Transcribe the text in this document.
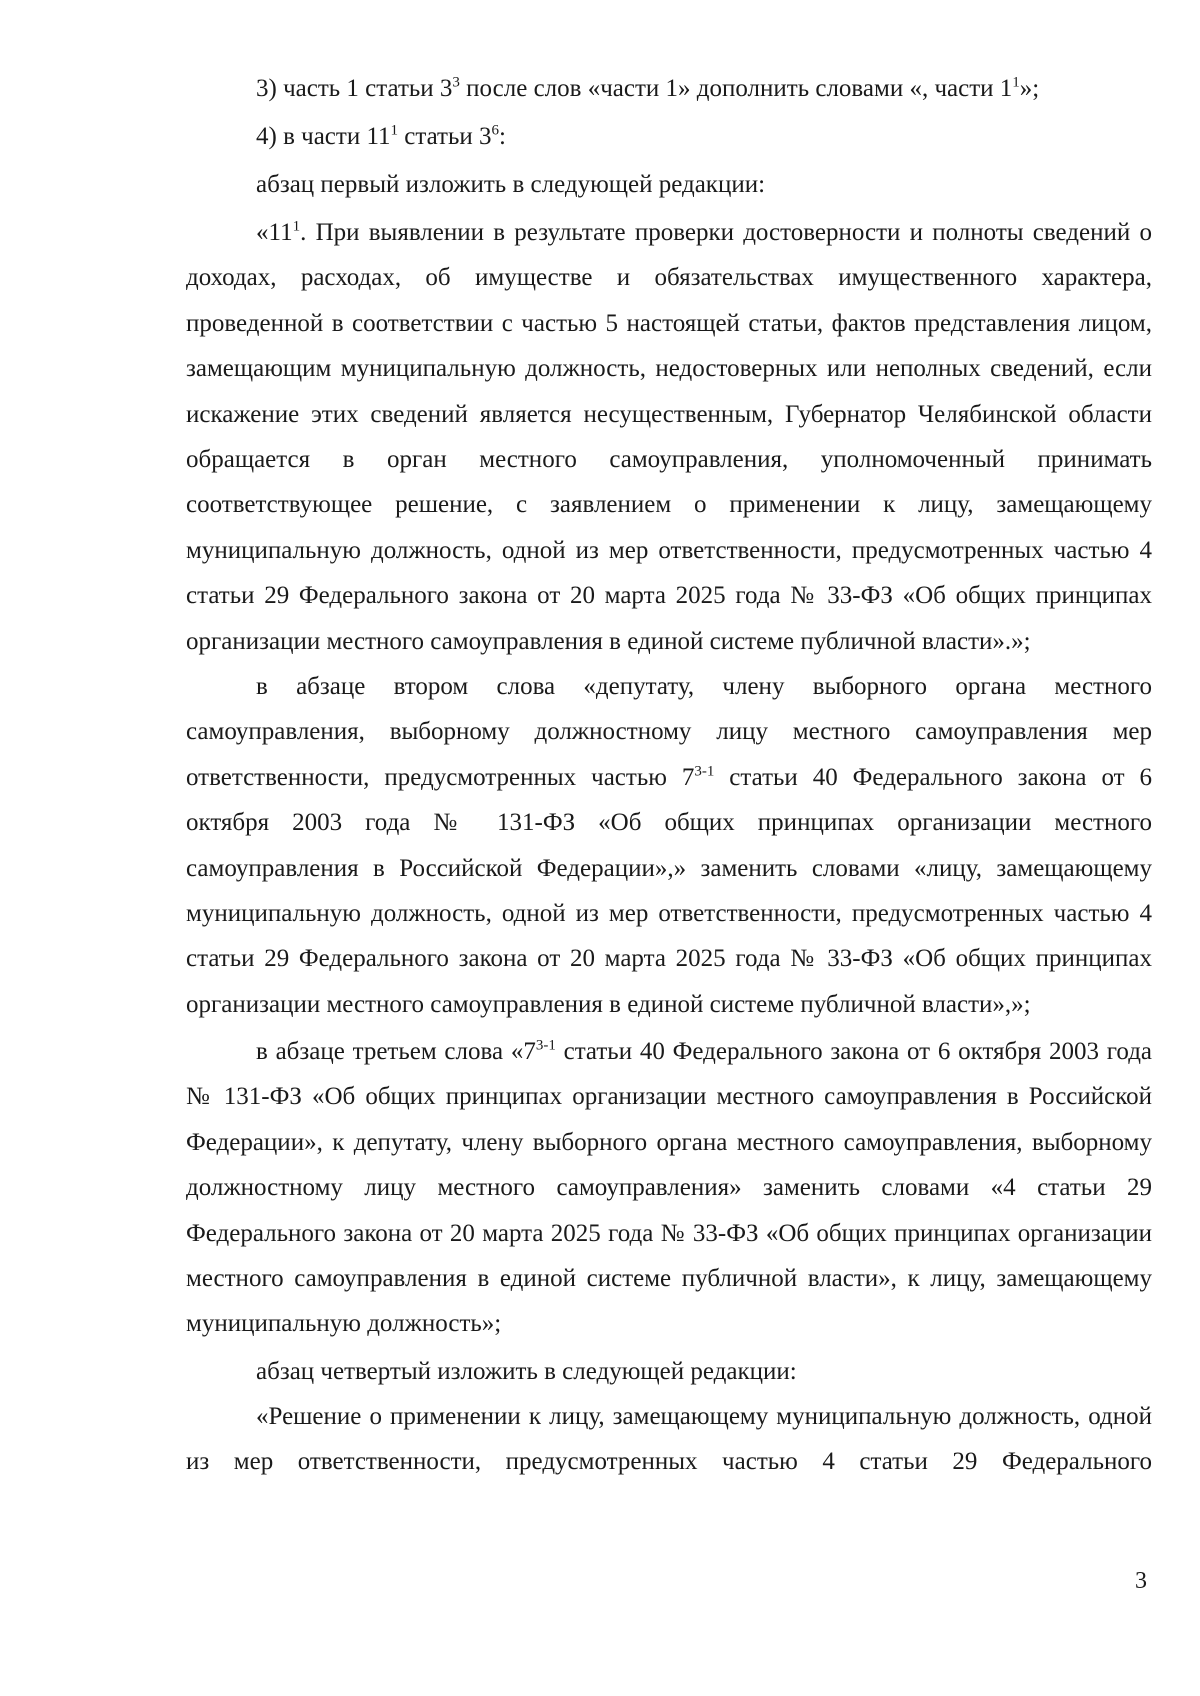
3) часть 1 статьи $3^3$ после слов «части 1» дополнить словами «, части $1^1$»;

4) в части $11^1$ статьи $3^6$:

абзац первый изложить в следующей редакции:

«$11^1$. При выявлении в результате проверки достоверности и полноты сведений о доходах, расходах, об имуществе и обязательствах имущественного характера, проведенной в соответствии с частью 5 настоящей статьи, фактов представления лицом, замещающим муниципальную должность, недостоверных или неполных сведений, если искажение этих сведений является несущественным, Губернатор Челябинской области обращается в орган местного самоуправления, уполномоченный принимать соответствующее решение, с заявлением о применении к лицу, замещающему муниципальную должность, одной из мер ответственности, предусмотренных частью 4 статьи 29 Федерального закона от 20 марта 2025 года № 33-ФЗ «Об общих принципах организации местного самоуправления в единой системе публичной власти».»;

в абзаце втором слова «депутату, члену выборного органа местного самоуправления, выборному должностному лицу местного самоуправления мер ответственности, предусмотренных частью 7$^{3-1}$ статьи 40 Федерального закона от 6 октября 2003 года № 131-ФЗ «Об общих принципах организации местного самоуправления в Российской Федерации»,» заменить словами «лицу, замещающему муниципальную должность, одной из мер ответственности, предусмотренных частью 4 статьи 29 Федерального закона от 20 марта 2025 года № 33-ФЗ «Об общих принципах организации местного самоуправления в единой системе публичной власти»,»;

в абзаце третьем слова «7$^{3-1}$ статьи 40 Федерального закона от 6 октября 2003 года № 131-ФЗ «Об общих принципах организации местного самоуправления в Российской Федерации», к депутату, члену выборного органа местного самоуправления, выборному должностному лицу местного самоуправления» заменить словами «4 статьи 29 Федерального закона от 20 марта 2025 года № 33-ФЗ «Об общих принципах организации местного самоуправления в единой системе публичной власти», к лицу, замещающему муниципальную должность»;

абзац четвертый изложить в следующей редакции:

«Решение о применении к лицу, замещающему муниципальную должность, одной из мер ответственности, предусмотренных частью 4 статьи 29 Федерального

3
